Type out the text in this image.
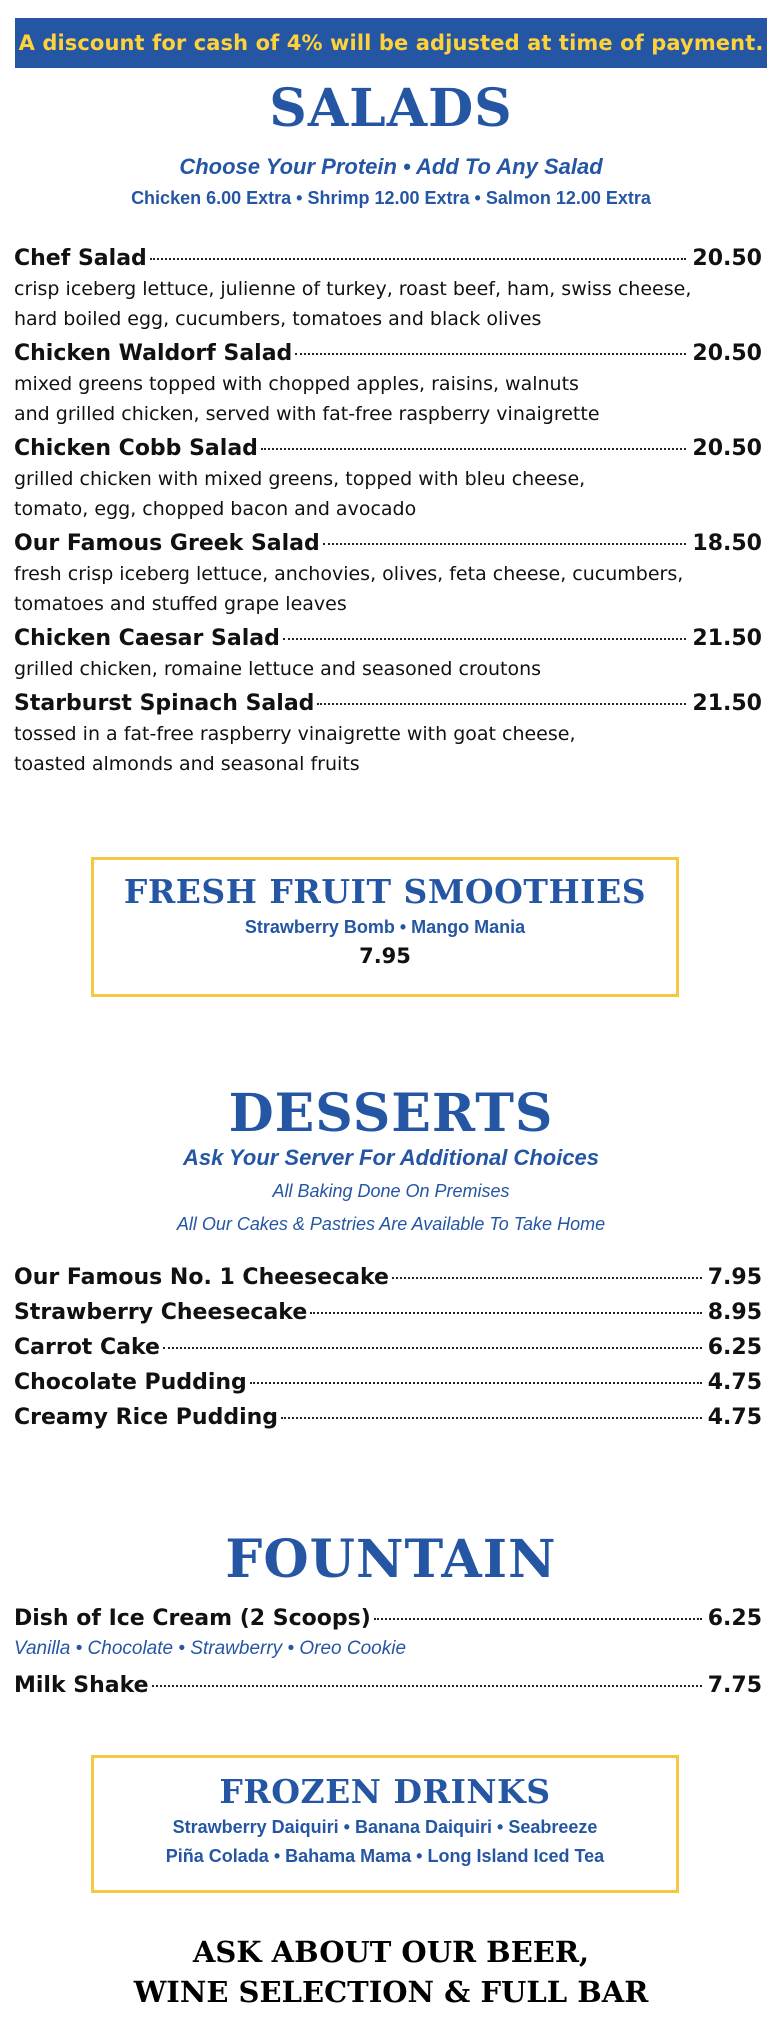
A discount for cash of 4% will be adjusted at time of payment.
SALADS
Choose Your Protein • Add To Any Salad
Chicken 6.00 Extra • Shrimp 12.00 Extra • Salmon 12.00 Extra
Chef Salad	20.50
crisp iceberg lettuce, julienne of turkey, roast beef, ham, swiss cheese,
hard boiled egg, cucumbers, tomatoes and black olives
Chicken Waldorf Salad	20.50
mixed greens topped with chopped apples, raisins, walnuts
and grilled chicken, served with fat-free raspberry vinaigrette
Chicken Cobb Salad	20.50
grilled chicken with mixed greens, topped with bleu cheese,
tomato, egg, chopped bacon and avocado
Our Famous Greek Salad	18.50
fresh crisp iceberg lettuce, anchovies, olives, feta cheese, cucumbers,
tomatoes and stuffed grape leaves
Chicken Caesar Salad	21.50
grilled chicken, romaine lettuce and seasoned croutons
Starburst Spinach Salad	21.50
tossed in a fat-free raspberry vinaigrette with goat cheese,
toasted almonds and seasonal fruits
FRESH FRUIT SMOOTHIES
Strawberry Bomb • Mango Mania
7.95
DESSERTS
Ask Your Server For Additional Choices
All Baking Done On Premises
All Our Cakes & Pastries Are Available To Take Home
Our Famous No. 1 Cheesecake	7.95
Strawberry Cheesecake	8.95
Carrot Cake	6.25
Chocolate Pudding	4.75
Creamy Rice Pudding	4.75
FOUNTAIN
Dish of Ice Cream (2 Scoops)	6.25
Vanilla • Chocolate • Strawberry • Oreo Cookie
Milk Shake	7.75
FROZEN DRINKS
Strawberry Daiquiri • Banana Daiquiri • Seabreeze
Piña Colada • Bahama Mama • Long Island Iced Tea
ASK ABOUT OUR BEER,
WINE SELECTION & FULL BAR
